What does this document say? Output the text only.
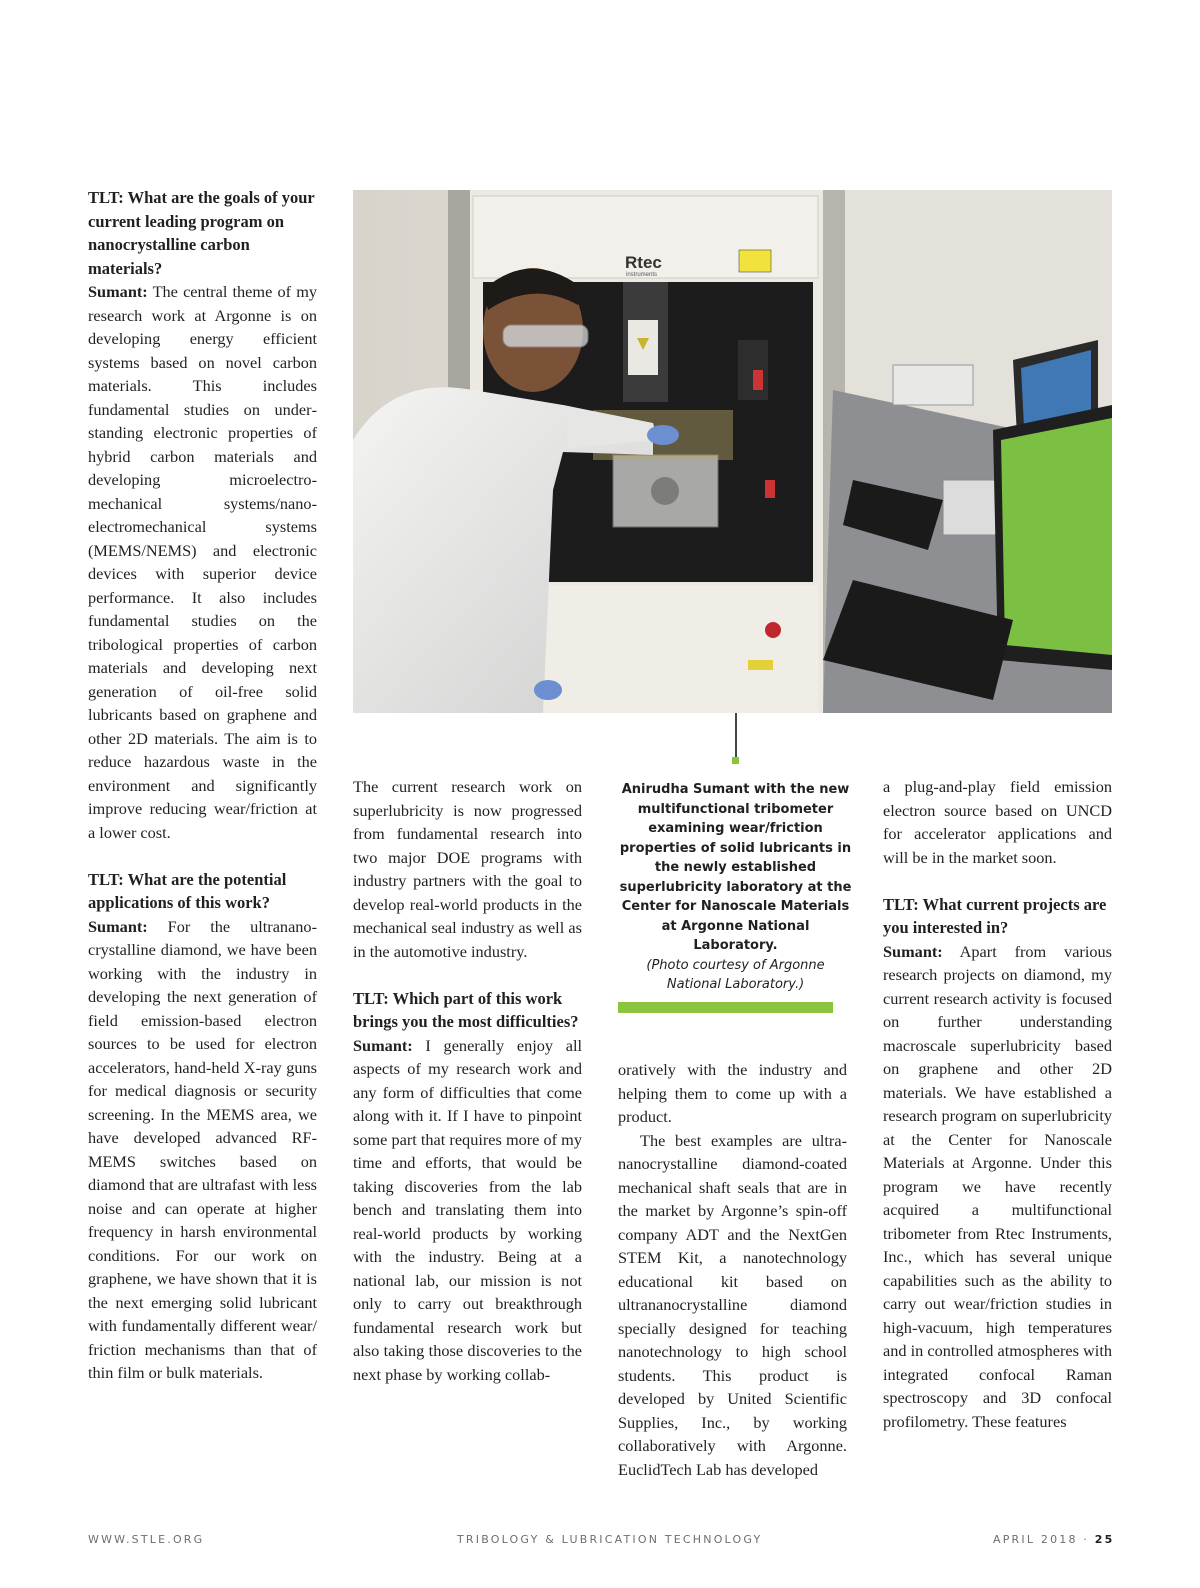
TLT: What are the goals of your current leading program on nanocrystalline carbon materials?

Sumant: The central theme of my research work at Argonne is on developing energy efficient systems based on novel carbon materials. This includes fundamental studies on understanding electronic properties of hybrid carbon materials and developing microelectromechanical systems/nanoelectromechanical systems (MEMS/NEMS) and electronic devices with superior device performance. It also includes fundamental studies on the tribological properties of carbon materials and developing next generation of oil-free solid lubricants based on graphene and other 2D materials. The aim is to reduce hazardous waste in the environment and significantly improve reducing wear/friction at a lower cost.

TLT: What are the potential applications of this work?

Sumant: For the ultrananocrystalline diamond, we have been working with the industry in developing the next generation of field emission-based electron sources to be used for electron accelerators, hand-held X-ray guns for medical diagnosis or security screening. In the MEMS area, we have developed advanced RF-MEMS switches based on diamond that are ultrafast with less noise and can operate at higher frequency in harsh environmental conditions. For our work on graphene, we have shown that it is the next emerging solid lubricant with fundamentally different wear/ friction mechanisms than that of thin film or bulk materials.

Rtec
instruments
Anirudha Sumant with the new multifunctional tribometer examining wear/friction properties of solid lubricants in the newly established superlubricity laboratory at the Center for Nanoscale Materials at Argonne National Laboratory.
(Photo courtesy of Argonne National Laboratory.)

The current research work on superlubricity is now progressed from fundamental research into two major DOE programs with industry partners with the goal to develop real-world products in the mechanical seal industry as well as in the automotive industry.

TLT: Which part of this work brings you the most difficulties?

Sumant: I generally enjoy all aspects of my research work and any form of difficulties that come along with it. If I have to pinpoint some part that requires more of my time and efforts, that would be taking discoveries from the lab bench and translating them into real-world products by working with the industry. Being at a national lab, our mission is not only to carry out breakthrough fundamental research work but also taking those discoveries to the next phase by working collab-

oratively with the industry and helping them to come up with a product.

The best examples are ultrananocrystalline diamond-coated mechanical shaft seals that are in the market by Argonne’s spin-off company ADT and the NextGen STEM Kit, a nanotechnology educational kit based on ultrananocrystalline diamond specially designed for teaching nanotechnology to high school students. This product is developed by United Scientific Supplies, Inc., by working collaboratively with Argonne. EuclidTech Lab has developed

a plug-and-play field emission electron source based on UNCD for accelerator applications and will be in the market soon.

TLT: What current projects are you interested in?

Sumant: Apart from various research projects on diamond, my current research activity is focused on further understanding macroscale superlubricity based on graphene and other 2D materials. We have established a research program on superlubricity at the Center for Nanoscale Materials at Argonne. Under this program we have recently acquired a multifunctional tribometer from Rtec Instruments, Inc., which has several unique capabilities such as the ability to carry out wear/friction studies in high-vacuum, high temperatures and in controlled atmospheres with integrated confocal Raman spectroscopy and 3D confocal profilometry. These features

WWW.STLE.ORG	TRIBOLOGY & LUBRICATION TECHNOLOGY	APRIL 2018 · 25
